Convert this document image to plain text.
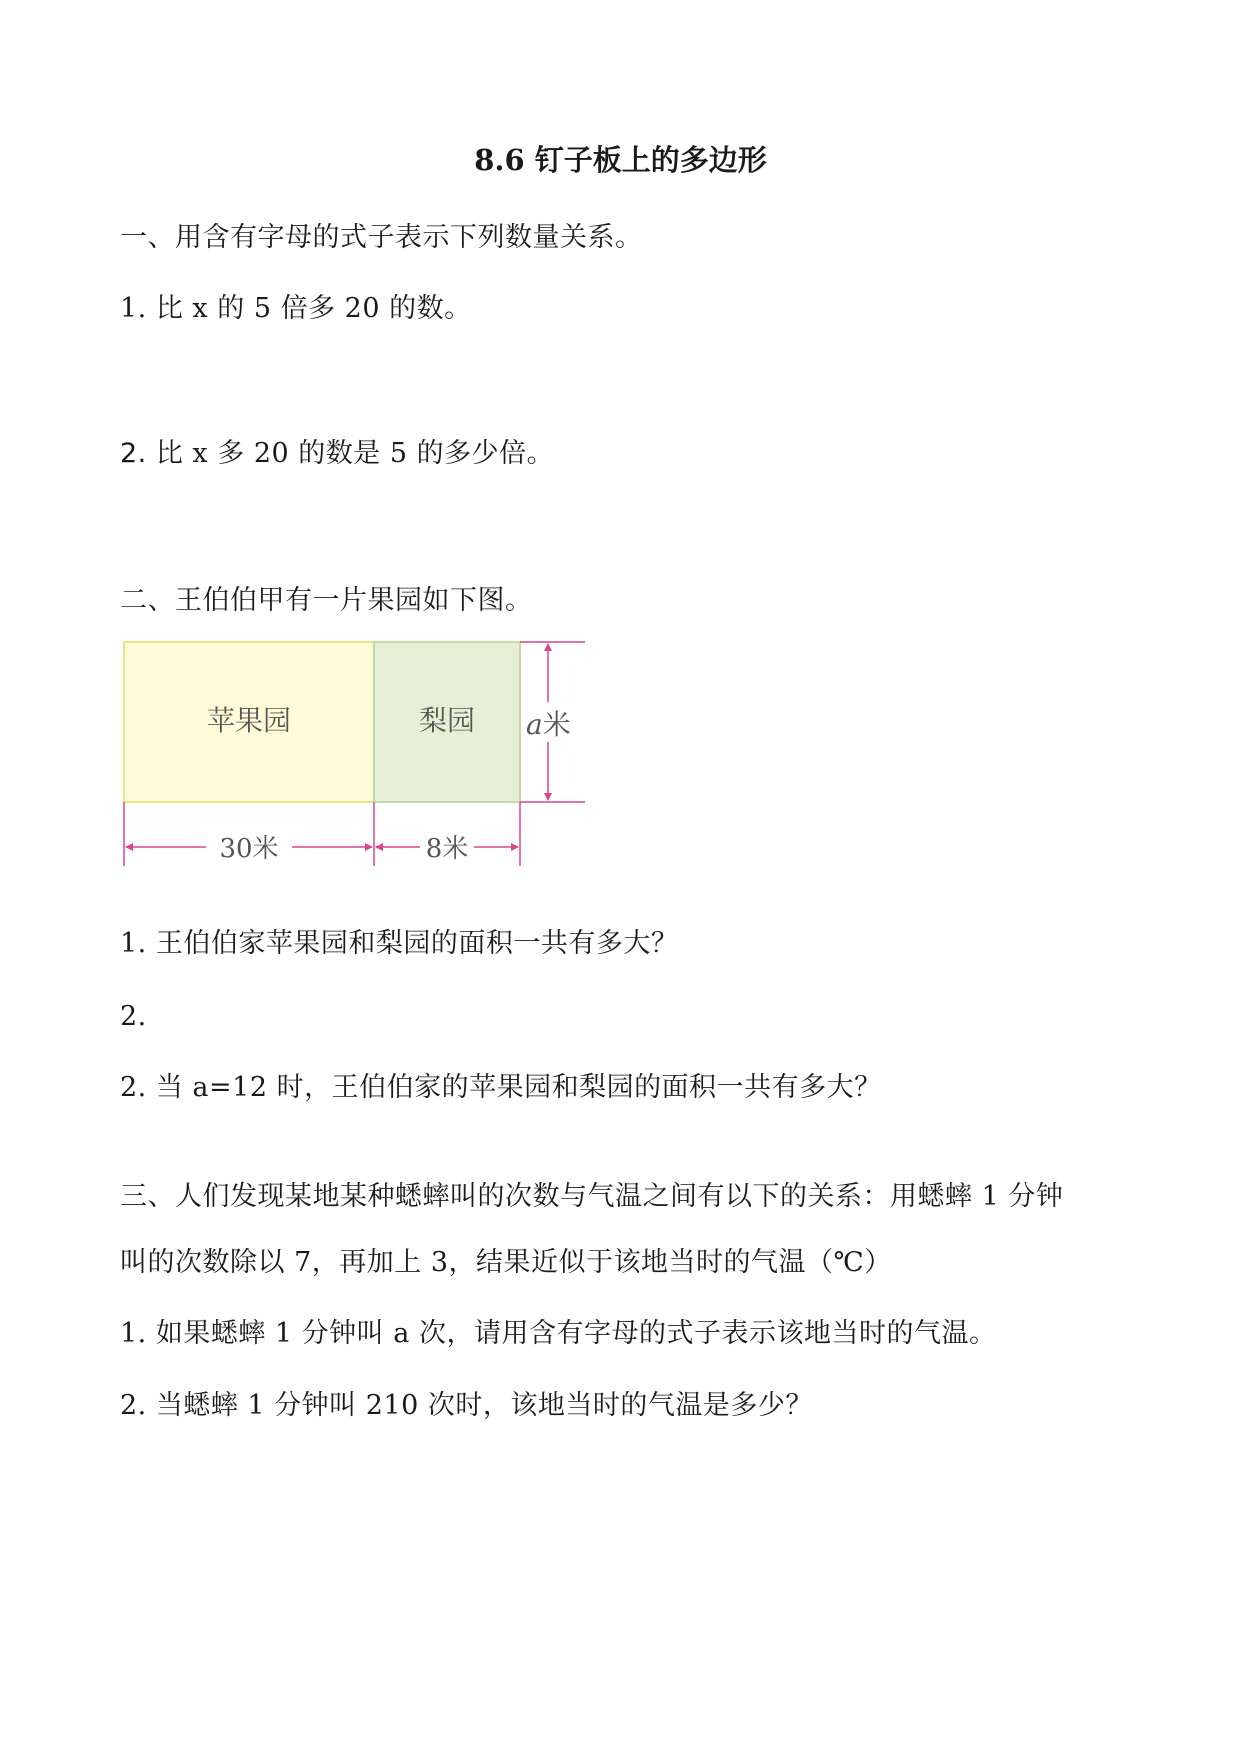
8.6 钉子板上的多边形
一、用含有字母的式子表示下列数量关系。
1. 比 x 的 5 倍多 20 的数。
2. 比 x 多 20 的数是 5 的多少倍。
二、王伯伯甲有一片果园如下图。
苹果园	梨园 a米
30米	8米
1. 王伯伯家苹果园和梨园的面积一共有多大？
2.
2. 当 a=12 时，王伯伯家的苹果园和梨园的面积一共有多大？
三、人们发现某地某种蟋蟀叫的次数与气温之间有以下的关系：用蟋蟀 1 分钟
叫的次数除以 7，再加上 3，结果近似于该地当时的气温（℃）
1. 如果蟋蟀 1 分钟叫 a 次，请用含有字母的式子表示该地当时的气温。
2. 当蟋蟀 1 分钟叫 210 次时，该地当时的气温是多少？
